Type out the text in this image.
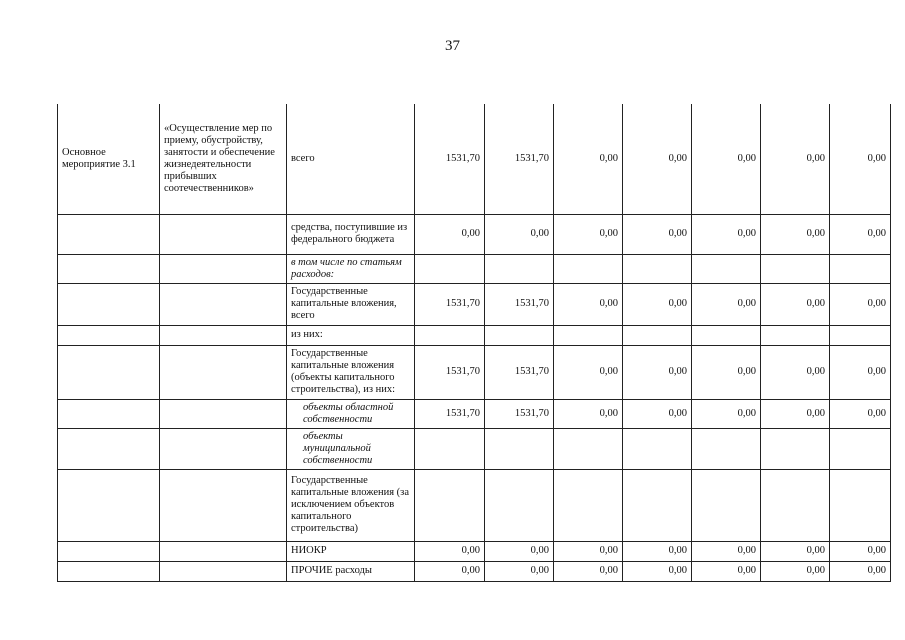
37
Основное мероприятие 3.1	«Осуществление мер по приему, обустройству, занятости и обеспечение жизнедеятельности прибывших соотечественников»	всего	1531,70	1531,70	0,00	0,00	0,00	0,00	0,00
		средства, поступившие из федерального бюджета	0,00	0,00	0,00	0,00	0,00	0,00	0,00
		в том числе по статьям расходов:							
		Государственные капитальные вложения, всего	1531,70	1531,70	0,00	0,00	0,00	0,00	0,00
		из них:							
		Государственные капитальные вложения (объекты капитального строительства), из них:	1531,70	1531,70	0,00	0,00	0,00	0,00	0,00
		объекты областной собственности	1531,70	1531,70	0,00	0,00	0,00	0,00	0,00
		объекты муниципальной собственности							
		Государственные капитальные вложения (за исключением объектов капитального строительства)							
		НИОКР	0,00	0,00	0,00	0,00	0,00	0,00	0,00
		ПРОЧИЕ расходы	0,00	0,00	0,00	0,00	0,00	0,00	0,00
